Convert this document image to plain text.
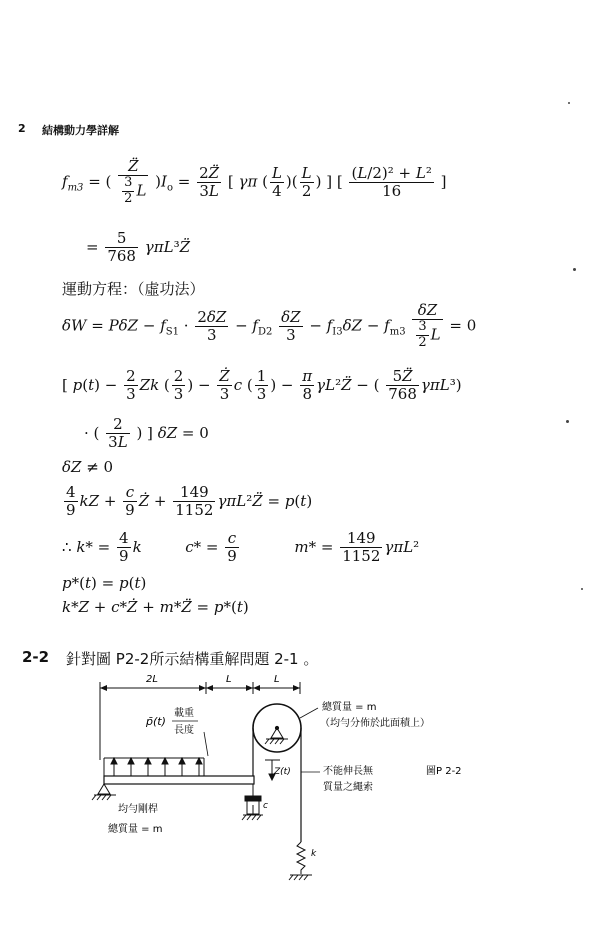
2 結構動力學詳解
$f_{m3}$ = ( $\frac{Z̈}{\frac{3}{2} L} )I_o = \frac{2Z̈}{3L}$ [ γπ ( $\frac{L}{4}$ )( $\frac{L}{2}$ ) ] [ $\frac{\text{(L/2)² + L²}}{16}$ ]
= $\frac{5}{768}$ γπL³Z̈
運動方程：（虛功法）
$\delta W = P\delta Z - f_{S1} \cdot \frac{2\delta Z}{3} - f_{D2} \frac{\delta Z}{3} - f_{I3}\delta Z - f_{m3} \frac{\delta Z}{\frac{3}{2} L} = 0$
[ $p(t) - \frac{2}{3}$ Zk ( $\frac{2}{3}$ ) − $\frac{Ż}{3}$ c ( $\frac{1}{3}$ ) − $\frac{\pi}{8}$ γL²Z̈ − ( $\frac{5Z̈}{768} \gamma\pi L^3$)
· ( $\frac{2}{3L}$ ) ] δZ = 0
δZ ≠ 0
$\frac{4}{9}$ kZ + $\frac{c}{9}$ Ż + $\frac{149}{1152}$ γπL²Z̈ = p(t)
∴ $k* = \frac{4}{9}$ k	$c* = \frac{c}{9}$	$m* = \frac{149}{1152} \gamma\pi L^2$
p*(t) = p(t)
k*Z + c*Ż + m*Z̈ = p*(t)
2-2 針對圖 P2-2所示結構重解問題 2-1 。
2L	L	L
p̄(t)
載重
長度
Z(t)
c
k
均勻剛桿
總質量 = m
總質量 = m
（均勻分佈於此面積上）
不能伸長無
質量之繩索
圖P 2-2
